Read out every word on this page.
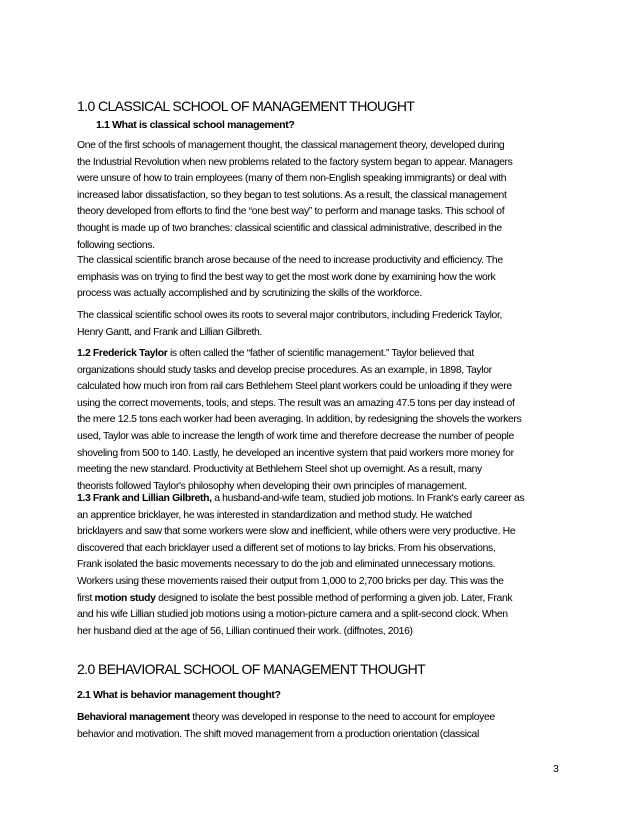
1.0 CLASSICAL SCHOOL OF MANAGEMENT THOUGHT
1.1 What is classical school management?
One of the first schools of management thought, the classical management theory, developed during
the Industrial Revolution when new problems related to the factory system began to appear. Managers
were unsure of how to train employees (many of them non-English speaking immigrants) or deal with
increased labor dissatisfaction, so they began to test solutions. As a result, the classical management
theory developed from efforts to find the “one best way” to perform and manage tasks. This school of
thought is made up of two branches: classical scientific and classical administrative, described in the
following sections.
The classical scientific branch arose because of the need to increase productivity and efficiency. The
emphasis was on trying to find the best way to get the most work done by examining how the work
process was actually accomplished and by scrutinizing the skills of the workforce.
The classical scientific school owes its roots to several major contributors, including Frederick Taylor,
Henry Gantt, and Frank and Lillian Gilbreth.
1.2 Frederick Taylor is often called the “father of scientific management.” Taylor believed that
organizations should study tasks and develop precise procedures. As an example, in 1898, Taylor
calculated how much iron from rail cars Bethlehem Steel plant workers could be unloading if they were
using the correct movements, tools, and steps. The result was an amazing 47.5 tons per day instead of
the mere 12.5 tons each worker had been averaging. In addition, by redesigning the shovels the workers
used, Taylor was able to increase the length of work time and therefore decrease the number of people
shoveling from 500 to 140. Lastly, he developed an incentive system that paid workers more money for
meeting the new standard. Productivity at Bethlehem Steel shot up overnight. As a result, many
theorists followed Taylor's philosophy when developing their own principles of management.
1.3 Frank and Lillian Gilbreth, a husband-and-wife team, studied job motions. In Frank's early career as
an apprentice bricklayer, he was interested in standardization and method study. He watched
bricklayers and saw that some workers were slow and inefficient, while others were very productive. He
discovered that each bricklayer used a different set of motions to lay bricks. From his observations,
Frank isolated the basic movements necessary to do the job and eliminated unnecessary motions.
Workers using these movements raised their output from 1,000 to 2,700 bricks per day. This was the
first motion study designed to isolate the best possible method of performing a given job. Later, Frank
and his wife Lillian studied job motions using a motion-picture camera and a split-second clock. When
her husband died at the age of 56, Lillian continued their work. (diffnotes, 2016)
2.0 BEHAVIORAL SCHOOL OF MANAGEMENT THOUGHT
2.1 What is behavior management thought?
Behavioral management theory was developed in response to the need to account for employee
behavior and motivation. The shift moved management from a production orientation (classical
3
